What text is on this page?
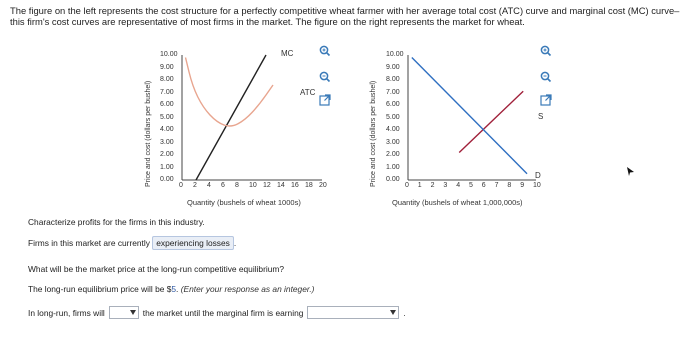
The figure on the left represents the cost structure for a perfectly competitive wheat farmer with her average total cost (ATC) curve and marginal cost (MC) curve–this firm's cost curves are representative of most firms in the market. The figure on the right represents the market for wheat.
Price and cost (dollars per bushel)
10.00
9.00
8.00
7.00
6.00
5.00
4.00
3.00
2.00
1.00
0.00
0 2 4 6 8 10 12 14 16 18 20
MC
ATC
Quantity (bushels of wheat 1000s)
Price and cost (dollars per bushel)
10.00
9.00
8.00
7.00
6.00
5.00
4.00
3.00
2.00
1.00
0.00
0 1 2 3 4 5 6 7 8 9 10
S
D
Quantity (bushels of wheat 1,000,000s)
Characterize profits for the firms in this industry.
Firms in this market are currently experiencing losses .
What will be the market price at the long-run competitive equilibrium?
The long-run equilibrium price will be $5. (Enter your response as an integer.)
In long-run, firms will	the market until the marginal firm is earning	.
